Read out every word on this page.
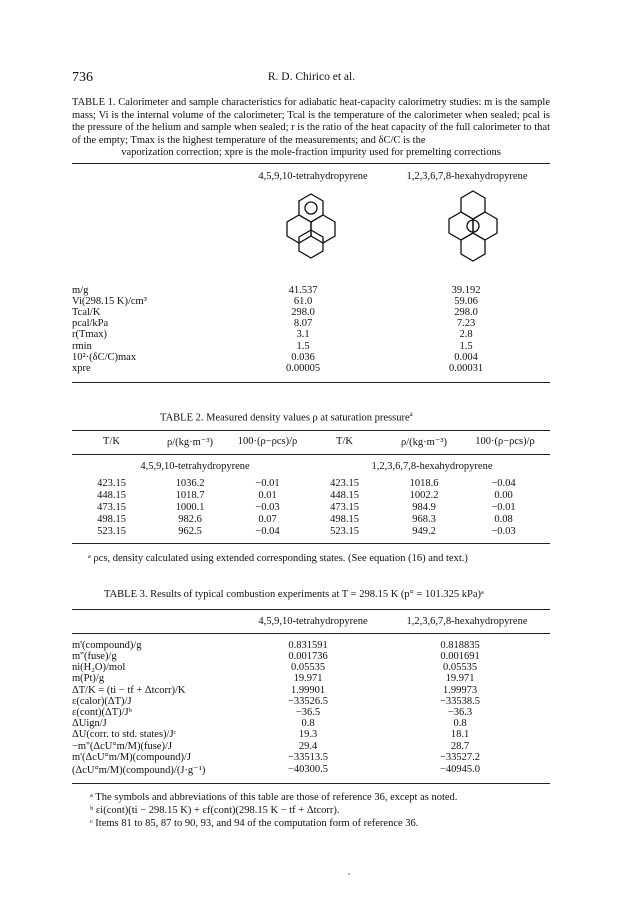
736	R. D. Chirico et al.
TABLE 1. Calorimeter and sample characteristics for adiabatic heat-capacity calorimetry studies: m is the sample mass; Vi is the internal volume of the calorimeter; Tcal is the temperature of the calorimeter when sealed; pcal is the pressure of the helium and sample when sealed; r is the ratio of the heat capacity of the full calorimeter to that of the empty; Tmax is the highest temperature of the measurements; and δC/C is the
vaporization correction; xpre is the mole-fraction impurity used for premelting corrections
4,5,9,10-tetrahydropyrene	1,2,3,6,7,8-hexahydropyrene
m/g	41.537	39.192
Vi(298.15 K)/cm³	61.0	59.06
Tcal/K	298.0	298.0
pcal/kPa	8.07	7.23
r(Tmax)	3.1	2.8
rmin	1.5	1.5
10²·(δC/C)max	0.036	0.004
xpre	0.00005	0.00031
TABLE 2. Measured density values ρ at saturation pressure$^a$
T/K	ρ/(kg·m⁻³)	100·(ρ−ρcs)/ρ	T/K	ρ/(kg·m⁻³)	100·(ρ−ρcs)/ρ
4,5,9,10-tetrahydropyrene	1,2,3,6,7,8-hexahydropyrene
423.15	1036.2	−0.01	423.15	1018.6	−0.04
448.15	1018.7	0.01	448.15	1002.2	0.00
473.15	1000.1	−0.03	473.15	984.9	−0.01
498.15	982.6	0.07	498.15	968.3	0.08
523.15	962.5	−0.04	523.15	949.2	−0.03
ᵃ ρcs, density calculated using extended corresponding states. (See equation (16) and text.)
TABLE 3. Results of typical combustion experiments at T = 298.15 K (p° = 101.325 kPa)ᵃ
4,5,9,10-tetrahydropyrene	1,2,3,6,7,8-hexahydropyrene
m'(compound)/g	0.831591	0.818835
m''(fuse)/g	0.001736	0.001691
ni(H₂O)/mol	0.05535	0.05535
m(Pt)/g	19.971	19.971
ΔT/K = (ti − tf + Δtcorr)/K	1.99901	1.99973
ε(calor)(ΔT)/J	−33526.5	−33538.5
ε(cont)(ΔT)/Jᵇ	−36.5	−36.3
ΔUign/J	0.8	0.8
ΔU(corr. to std. states)/Jᶜ	19.3	18.1
−m''(ΔcU°m/M)(fuse)/J	29.4	28.7
m'(ΔcU°m/M)(compound)/J	−33513.5	−33527.2
(ΔcU°m/M)(compound)/(J·g⁻¹)	−40300.5	−40945.0
ᵃ The symbols and abbreviations of this table are those of reference 36, except as noted.
ᵇ εi(cont)(ti − 298.15 K) + εf(cont)(298.15 K − tf + Δtcorr).
ᶜ Items 81 to 85, 87 to 90, 93, and 94 of the computation form of reference 36.
